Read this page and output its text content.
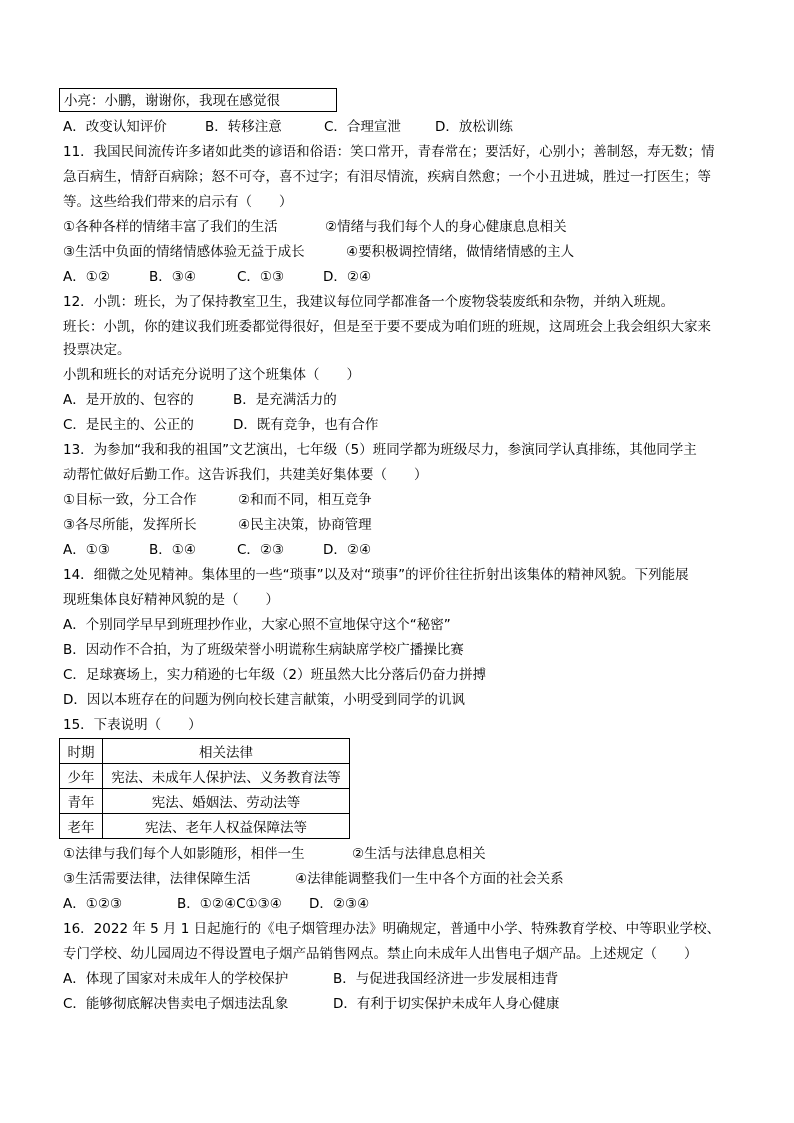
小亮：小鹏，谢谢你，我现在感觉很
A．改变认知评价	B．转移注意	C．合理宣泄	D．放松训练
11．我国民间流传许多诸如此类的谚语和俗语：笑口常开，青春常在；要活好，心别小；善制怒，寿无数；情
急百病生，情舒百病除；怒不可夺，喜不过字；有泪尽情流，疾病自然愈；一个小丑进城，胜过一打医生；等
等。这些给我们带来的启示有（　　）
①各种各样的情绪丰富了我们的生活	②情绪与我们每个人的身心健康息息相关
③生活中负面的情绪情感体验无益于成长	④要积极调控情绪，做情绪情感的主人
A．①②	B．③④	C．①③	D．②④
12．小凯：班长，为了保持教室卫生，我建议每位同学都准备一个废物袋装废纸和杂物，并纳入班规。
班长：小凯，你的建议我们班委都觉得很好，但是至于要不要成为咱们班的班规，这周班会上我会组织大家来
投票决定。
小凯和班长的对话充分说明了这个班集体（　　）
A．是开放的、包容的	B．是充满活力的
C．是民主的、公正的	D．既有竞争，也有合作
13．为参加“我和我的祖国”文艺演出，七年级（5）班同学都为班级尽力，参演同学认真排练，其他同学主
动帮忙做好后勤工作。这告诉我们，共建美好集体要（　　）
①目标一致，分工合作	②和而不同，相互竞争
③各尽所能，发挥所长	④民主决策，协商管理
A．①③	B．①④	C．②③	D．②④
14．细微之处见精神。集体里的一些“琐事”以及对“琐事”的评价往往折射出该集体的精神风貌。下列能展
现班集体良好精神风貌的是（　　）
A．个别同学早早到班理抄作业，大家心照不宣地保守这个“秘密”
B．因动作不合拍，为了班级荣誉小明谎称生病缺席学校广播操比赛
C．足球赛场上，实力稍逊的七年级（2）班虽然大比分落后仍奋力拼搏
D．因以本班存在的问题为例向校长建言献策，小明受到同学的讥讽
15．下表说明（　　）
时期	相关法律
少年	宪法、未成年人保护法、义务教育法等
青年	宪法、婚姻法、劳动法等
老年	宪法、老年人权益保障法等
①法律与我们每个人如影随形，相伴一生	②生活与法律息息相关
③生活需要法律，法律保障生活	④法律能调整我们一生中各个方面的社会关系
A．①②③	B．①②④C①③④ D．②③④
16．2022 年 5 月 1 日起施行的《电子烟管理办法》明确规定，普通中小学、特殊教育学校、中等职业学校、
专门学校、幼儿园周边不得设置电子烟产品销售网点。禁止向未成年人出售电子烟产品。上述规定（　　）
A．体现了国家对未成年人的学校保护	B．与促进我国经济进一步发展相违背
C．能够彻底解决售卖电子烟违法乱象	D．有利于切实保护未成年人身心健康
